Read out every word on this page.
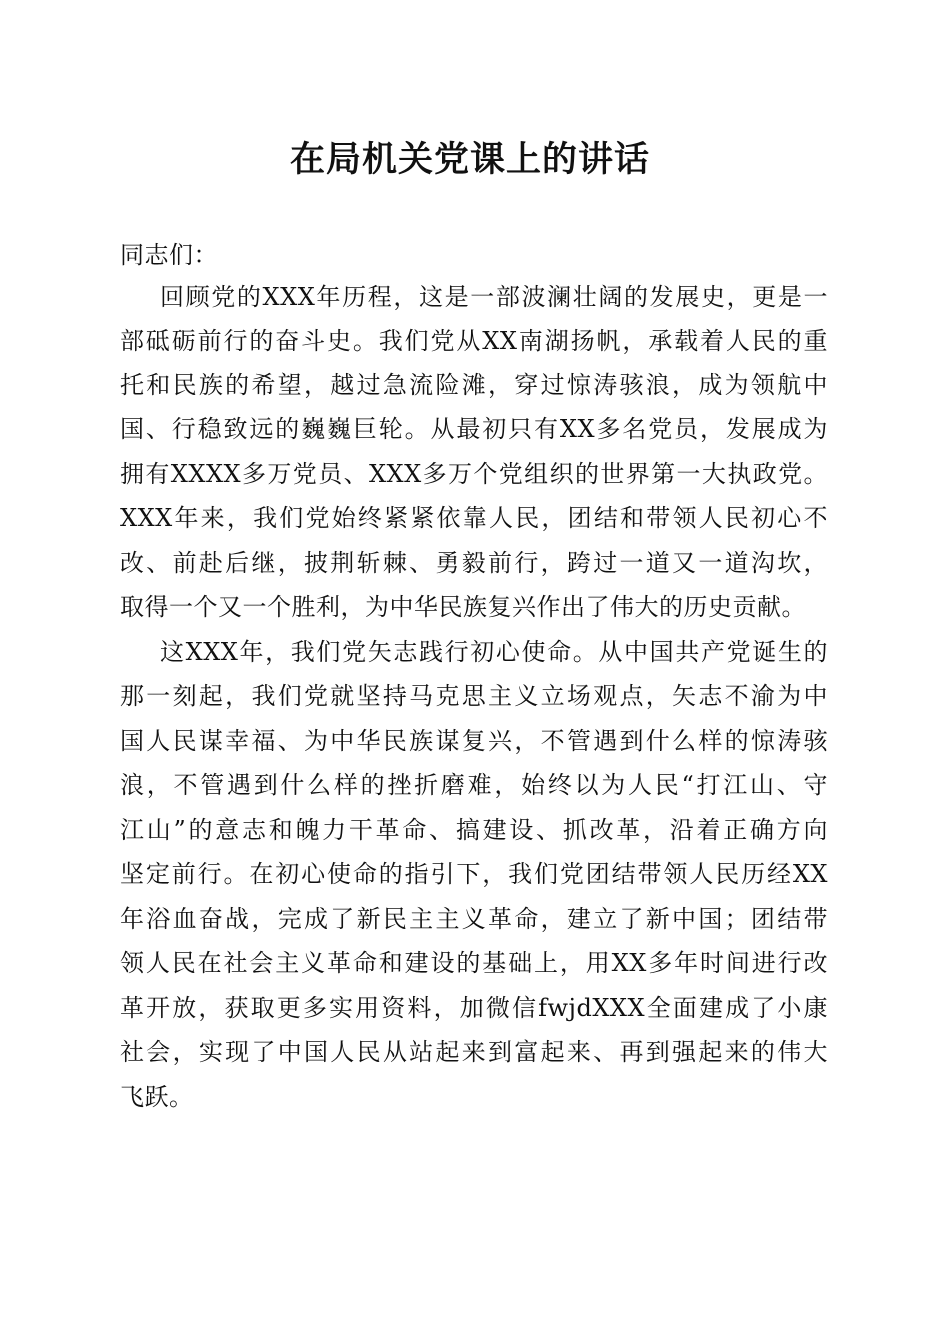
在局机关党课上的讲话

同志们：

回顾党的XXX年历程，这是一部波澜壮阔的发展史，更是一

部砥砺前行的奋斗史。我们党从XX南湖扬帆，承载着人民的重

托和民族的希望，越过急流险滩，穿过惊涛骇浪，成为领航中

国、行稳致远的巍巍巨轮。从最初只有XX多名党员，发展成为

拥有XXXX多万党员、XXX多万个党组织的世界第一大执政党。

XXX年来，我们党始终紧紧依靠人民，团结和带领人民初心不

改、前赴后继，披荆斩棘、勇毅前行，跨过一道又一道沟坎，

取得一个又一个胜利，为中华民族复兴作出了伟大的历史贡献。

这XXX年，我们党矢志践行初心使命。从中国共产党诞生的

那一刻起，我们党就坚持马克思主义立场观点，矢志不渝为中

国人民谋幸福、为中华民族谋复兴，不管遇到什么样的惊涛骇

浪，不管遇到什么样的挫折磨难，始终以为人民“打江山、守

江山”的意志和魄力干革命、搞建设、抓改革，沿着正确方向

坚定前行。在初心使命的指引下，我们党团结带领人民历经XX

年浴血奋战，完成了新民主主义革命，建立了新中国；团结带

领人民在社会主义革命和建设的基础上，用XX多年时间进行改

革开放，获取更多实用资料，加微信fwjdXXX全面建成了小康

社会，实现了中国人民从站起来到富起来、再到强起来的伟大

飞跃。
